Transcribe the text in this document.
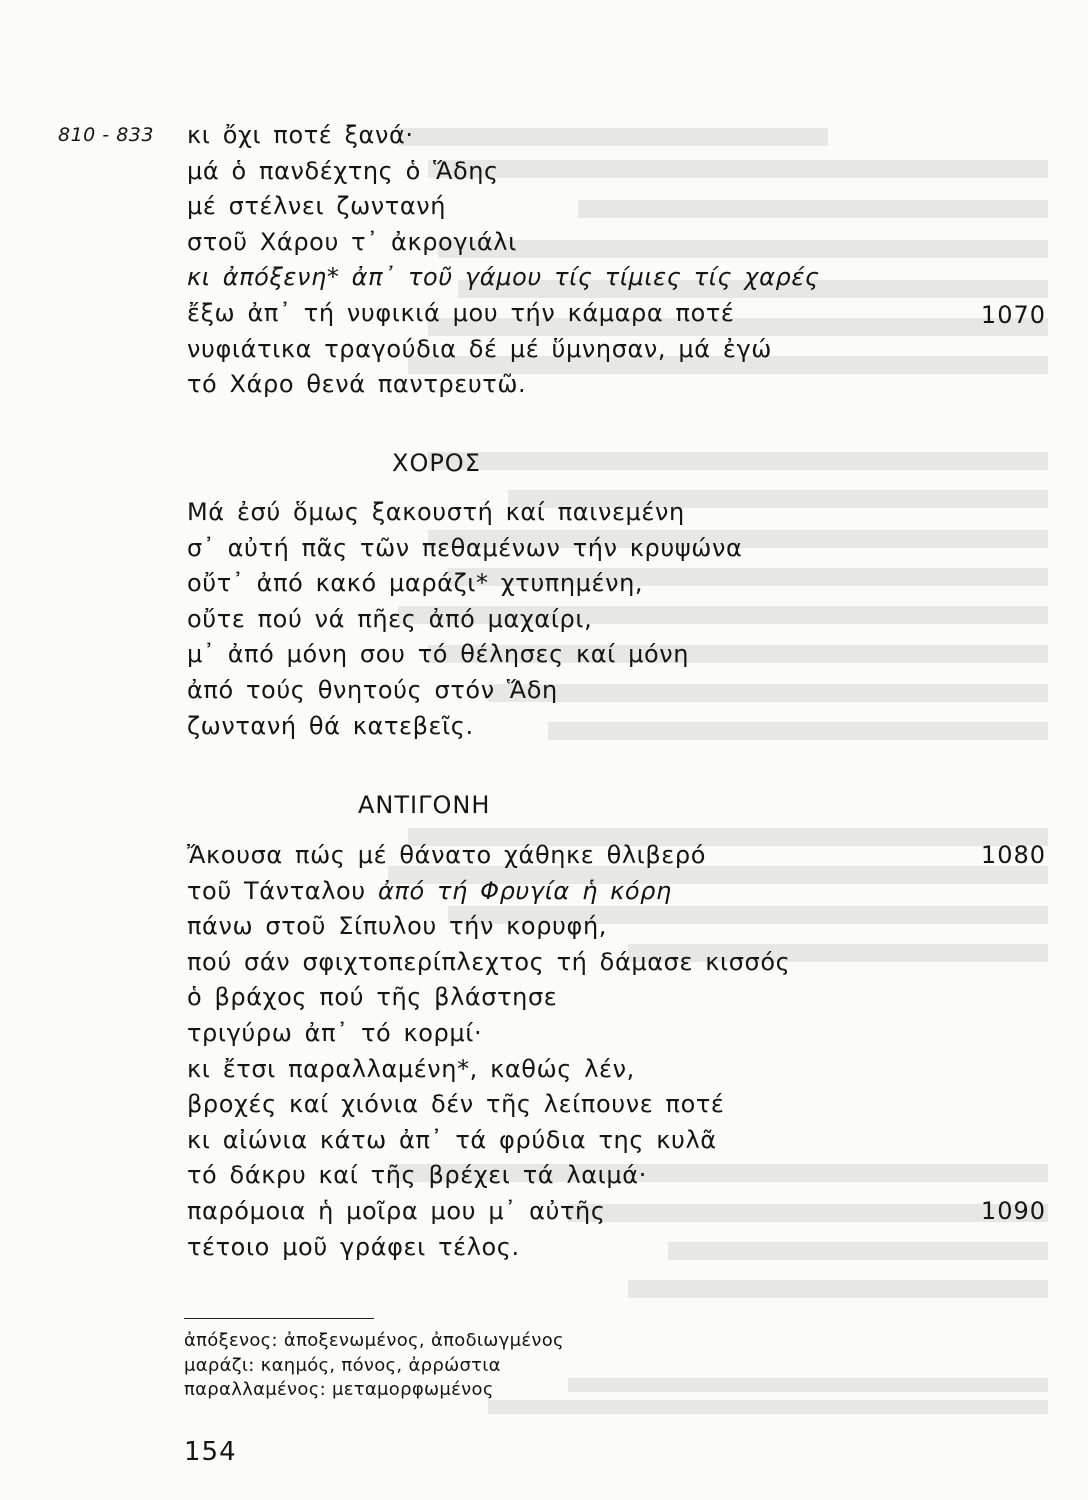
810 - 833 κι ὄχι ποτέ ξανά·
μά ὁ πανδέχτης ὁ Ἅδης
μέ στέλνει ζωντανή
στοῦ Χάρου τ᾽ ἀκρογιάλι
κι ἀπόξενη* ἀπ᾽ τοῦ γάμου τίς τίμιες τίς χαρές
ἔξω ἀπ᾽ τή νυφικιά μου τήν κάμαρα ποτέ
νυφιάτικα τραγούδια δέ μέ ὕμνησαν, μά ἐγώ
τό Χάρο θενά παντρευτῶ.
1070
ΧΟΡΟΣ
Μά ἐσύ ὅμως ξακουστή καί παινεμένη
σ᾽ αὐτή πᾶς τῶν πεθαμένων τήν κρυψώνα
οὔτ᾽ ἀπό κακό μαράζι* χτυπημένη,
οὔτε πού νά πῆες ἀπό μαχαίρι,
μ᾽ ἀπό μόνη σου τό θέλησες καί μόνη
ἀπό τούς θνητούς στόν Ἅδη
ζωντανή θά κατεβεῖς.
ΑΝΤΙΓΟΝΗ
Ἄκουσα πώς μέ θάνατο χάθηκε θλιβερό
τοῦ Τάνταλου ἀπό τή Φρυγία ἡ κόρη
πάνω στοῦ Σίπυλου τήν κορυφή,
πού σάν σφιχτοπερίπλεχτος τή δάμασε κισσός
ὁ βράχος πού τῆς βλάστησε
τριγύρω ἀπ᾽ τό κορμί·
κι ἔτσι παραλλαμένη*, καθώς λέν,
βροχές καί χιόνια δέν τῆς λείπουνε ποτέ
κι αἰώνια κάτω ἀπ᾽ τά φρύδια της κυλᾶ
τό δάκρυ καί τῆς βρέχει τά λαιμά·
παρόμοια ἡ μοῖρα μου μ᾽ αὐτῆς
τέτοιο μοῦ γράφει τέλος.
1080
1090
ἀπόξενος: ἀποξενωμένος, ἀποδιωγμένος
μαράζι: καημός, πόνος, ἀρρώστια
παραλλαμένος: μεταμορφωμένος
154
